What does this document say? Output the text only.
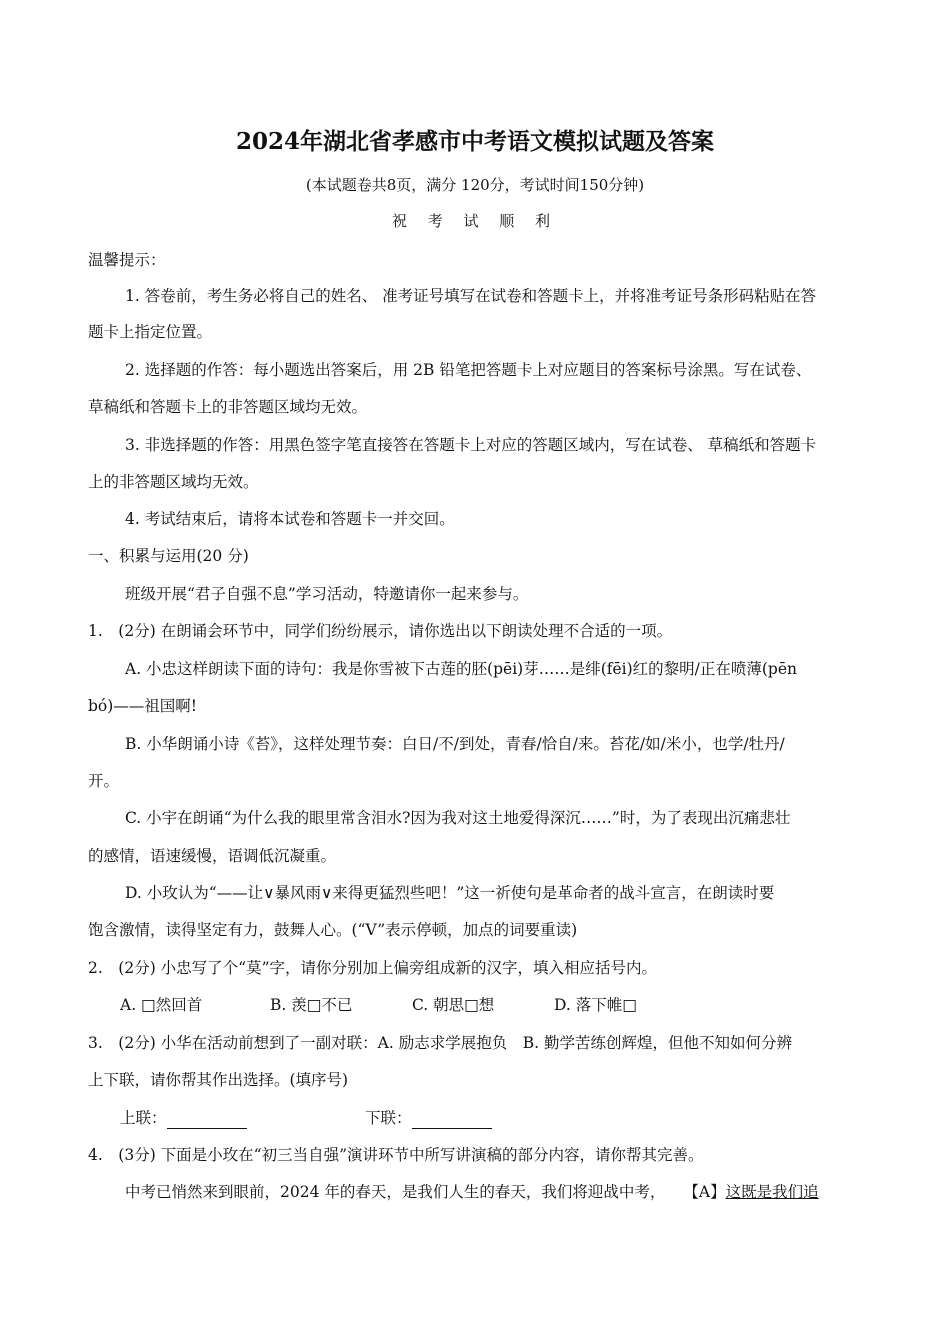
2024年湖北省孝感市中考语文模拟试题及答案
(本试题卷共8页，满分 120分，考试时间150分钟)
祝 考 试 顺 利
温馨提示：
1. 答卷前，考生务必将自己的姓名、 准考证号填写在试卷和答题卡上，并将准考证号条形码粘贴在答
题卡上指定位置。
2. 选择题的作答：每小题选出答案后，用 2B 铅笔把答题卡上对应题目的答案标号涂黑。写在试卷、
草稿纸和答题卡上的非答题区域均无效。
3. 非选择题的作答：用黑色签字笔直接答在答题卡上对应的答题区域内，写在试卷、 草稿纸和答题卡
上的非答题区域均无效。
4. 考试结束后，请将本试卷和答题卡一并交回。
一、积累与运用(20 分)
班级开展“君子自强不息”学习活动，特邀请你一起来参与。
1.　(2分) 在朗诵会环节中，同学们纷纷展示，请你选出以下朗读处理不合适的一项。
A. 小忠这样朗读下面的诗句：我是你雪被下古莲的胚(pēi)芽……是绯(fēi)红的黎明/正在喷薄(pēn
bó)——祖国啊!
B. 小华朗诵小诗《苔》，这样处理节奏：白日/不/到处，青春/恰自/来。苔花/如/米小，也学/牡丹/
开。
C. 小宇在朗诵“为什么我的眼里常含泪水?因为我对这土地爱得深沉……”时，为了表现出沉痛悲壮
的感情，语速缓慢，语调低沉凝重。
D. 小玫认为“——让∨暴风雨∨来得更猛烈些吧！”这一祈使句是革命者的战斗宣言，在朗读时要
饱含激情，读得坚定有力，鼓舞人心。(“V”表示停顿，加点的词要重读)
2.　(2分) 小忠写了个“莫”字，请你分别加上偏旁组成新的汉字，填入相应括号内。
A. □然回首	B. 羡□不已	C. 朝思□想	D. 落下帷□
3.　(2分) 小华在活动前想到了一副对联：A. 励志求学展抱负　B. 勤学苦练创辉煌，但他不知如何分辨
上下联，请你帮其作出选择。(填序号)
上联：	下联：
4.　(3分) 下面是小玫在“初三当自强”演讲环节中所写讲演稿的部分内容，请你帮其完善。
中考已悄然来到眼前，2024 年的春天，是我们人生的春天，我们将迎战中考， 【A】这既是我们追
